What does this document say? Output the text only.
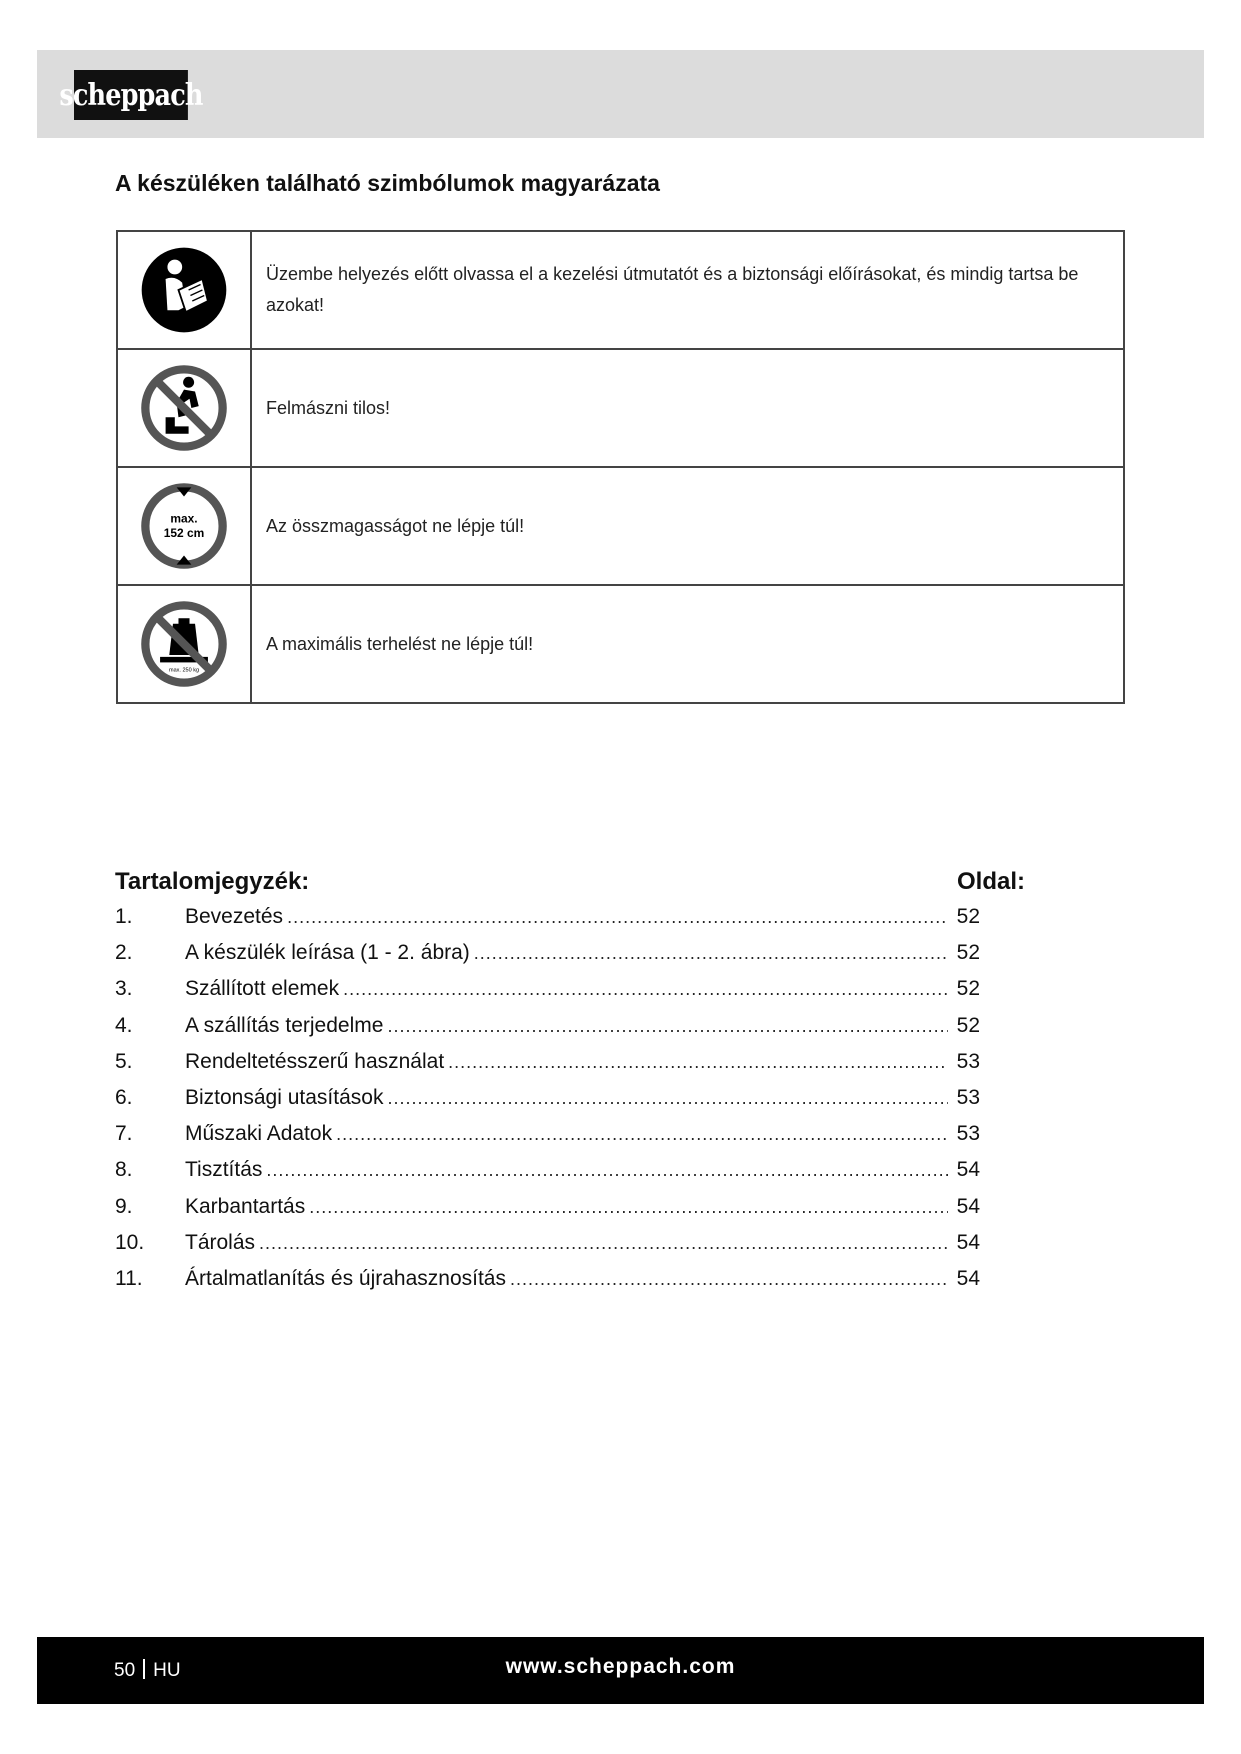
scheppach
A készüléken található szimbólumok magyarázata
	Üzembe helyezés előtt olvassa el a kezelési útmutatót és a biztonsági előírásokat, és mindig tartsa be azokat!
	Felmászni tilos!

max.
152 cm	Az összmagasságot ne lépje túl!

max. 250 kg	A maximális terhelést ne lépje túl!
Tartalomjegyzék:	Oldal:
1.	Bevezetés . . .	52
2.	A készülék leírása (1 - 2. ábra) . . .	52
3.	Szállított elemek . . .	52
4.	A szállítás terjedelme . . .	52
5.	Rendeltetésszerű használat . . .	53
6.	Biztonsági utasítások . . .	53
7.	Műszaki Adatok . . .	53
8.	Tisztítás . . .	54
9.	Karbantartás . . .	54
10.	Tárolás . . .	54
11.	Ártalmatlanítás és újrahasznosítás . . .	54
50 HU	www.scheppach.com
